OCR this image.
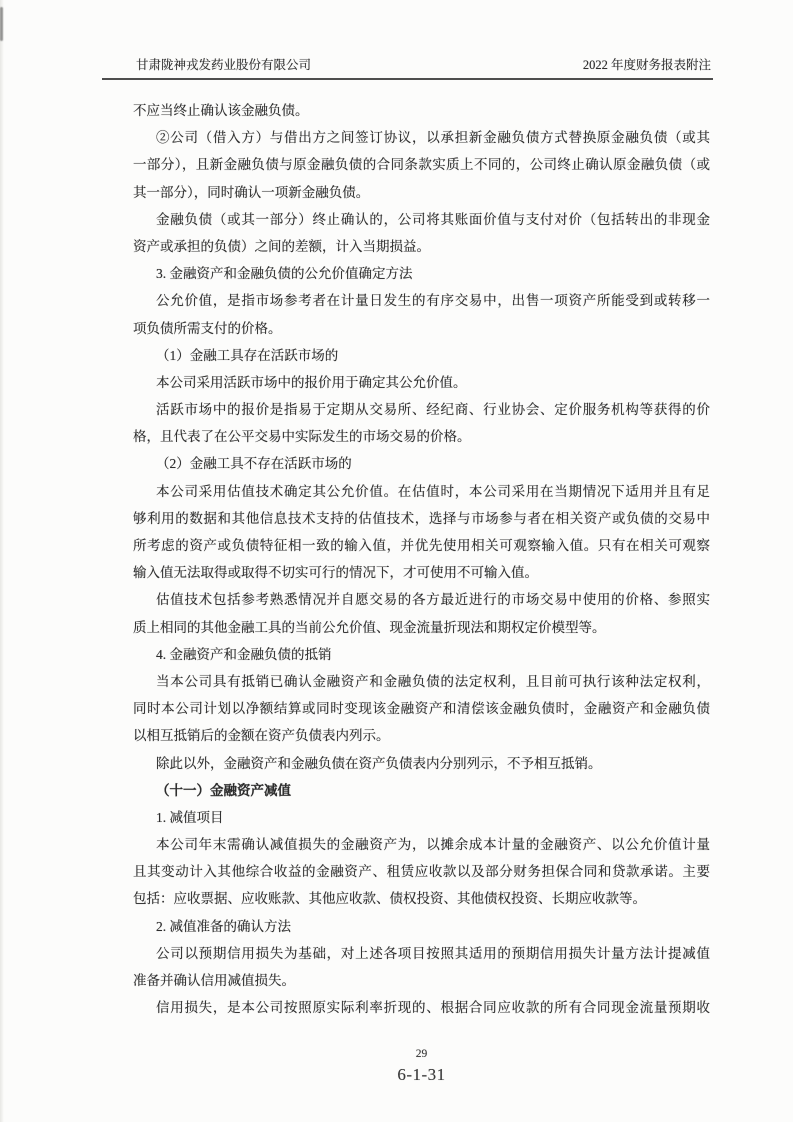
甘肃陇神戎发药业股份有限公司	2022 年度财务报表附注
不应当终止确认该金融负债。
②公司（借入方）与借出方之间签订协议，以承担新金融负债方式替换原金融负债（或其
一部分），且新金融负债与原金融负债的合同条款实质上不同的，公司终止确认原金融负债（或
其一部分），同时确认一项新金融负债。
金融负债（或其一部分）终止确认的，公司将其账面价值与支付对价（包括转出的非现金
资产或承担的负债）之间的差额，计入当期损益。
3. 金融资产和金融负债的公允价值确定方法
公允价值，是指市场参考者在计量日发生的有序交易中，出售一项资产所能受到或转移一
项负债所需支付的价格。
（1）金融工具存在活跃市场的
本公司采用活跃市场中的报价用于确定其公允价值。
活跃市场中的报价是指易于定期从交易所、经纪商、行业协会、定价服务机构等获得的价
格，且代表了在公平交易中实际发生的市场交易的价格。
（2）金融工具不存在活跃市场的
本公司采用估值技术确定其公允价值。在估值时，本公司采用在当期情况下适用并且有足
够利用的数据和其他信息技术支持的估值技术，选择与市场参与者在相关资产或负债的交易中
所考虑的资产或负债特征相一致的输入值，并优先使用相关可观察输入值。只有在相关可观察
输入值无法取得或取得不切实可行的情况下，才可使用不可输入值。
估值技术包括参考熟悉情况并自愿交易的各方最近进行的市场交易中使用的价格、参照实
质上相同的其他金融工具的当前公允价值、现金流量折现法和期权定价模型等。
4. 金融资产和金融负债的抵销
当本公司具有抵销已确认金融资产和金融负债的法定权利，且目前可执行该种法定权利，
同时本公司计划以净额结算或同时变现该金融资产和清偿该金融负债时，金融资产和金融负债
以相互抵销后的金额在资产负债表内列示。
除此以外，金融资产和金融负债在资产负债表内分别列示，不予相互抵销。
（十一）金融资产减值
1. 减值项目
本公司年末需确认减值损失的金融资产为，以摊余成本计量的金融资产、以公允价值计量
且其变动计入其他综合收益的金融资产、租赁应收款以及部分财务担保合同和贷款承诺。主要
包括：应收票据、应收账款、其他应收款、债权投资、其他债权投资、长期应收款等。
2. 减值准备的确认方法
公司以预期信用损失为基础，对上述各项目按照其适用的预期信用损失计量方法计提减值
准备并确认信用减值损失。
信用损失，是本公司按照原实际利率折现的、根据合同应收款的所有合同现金流量预期收
29
6-1-31
